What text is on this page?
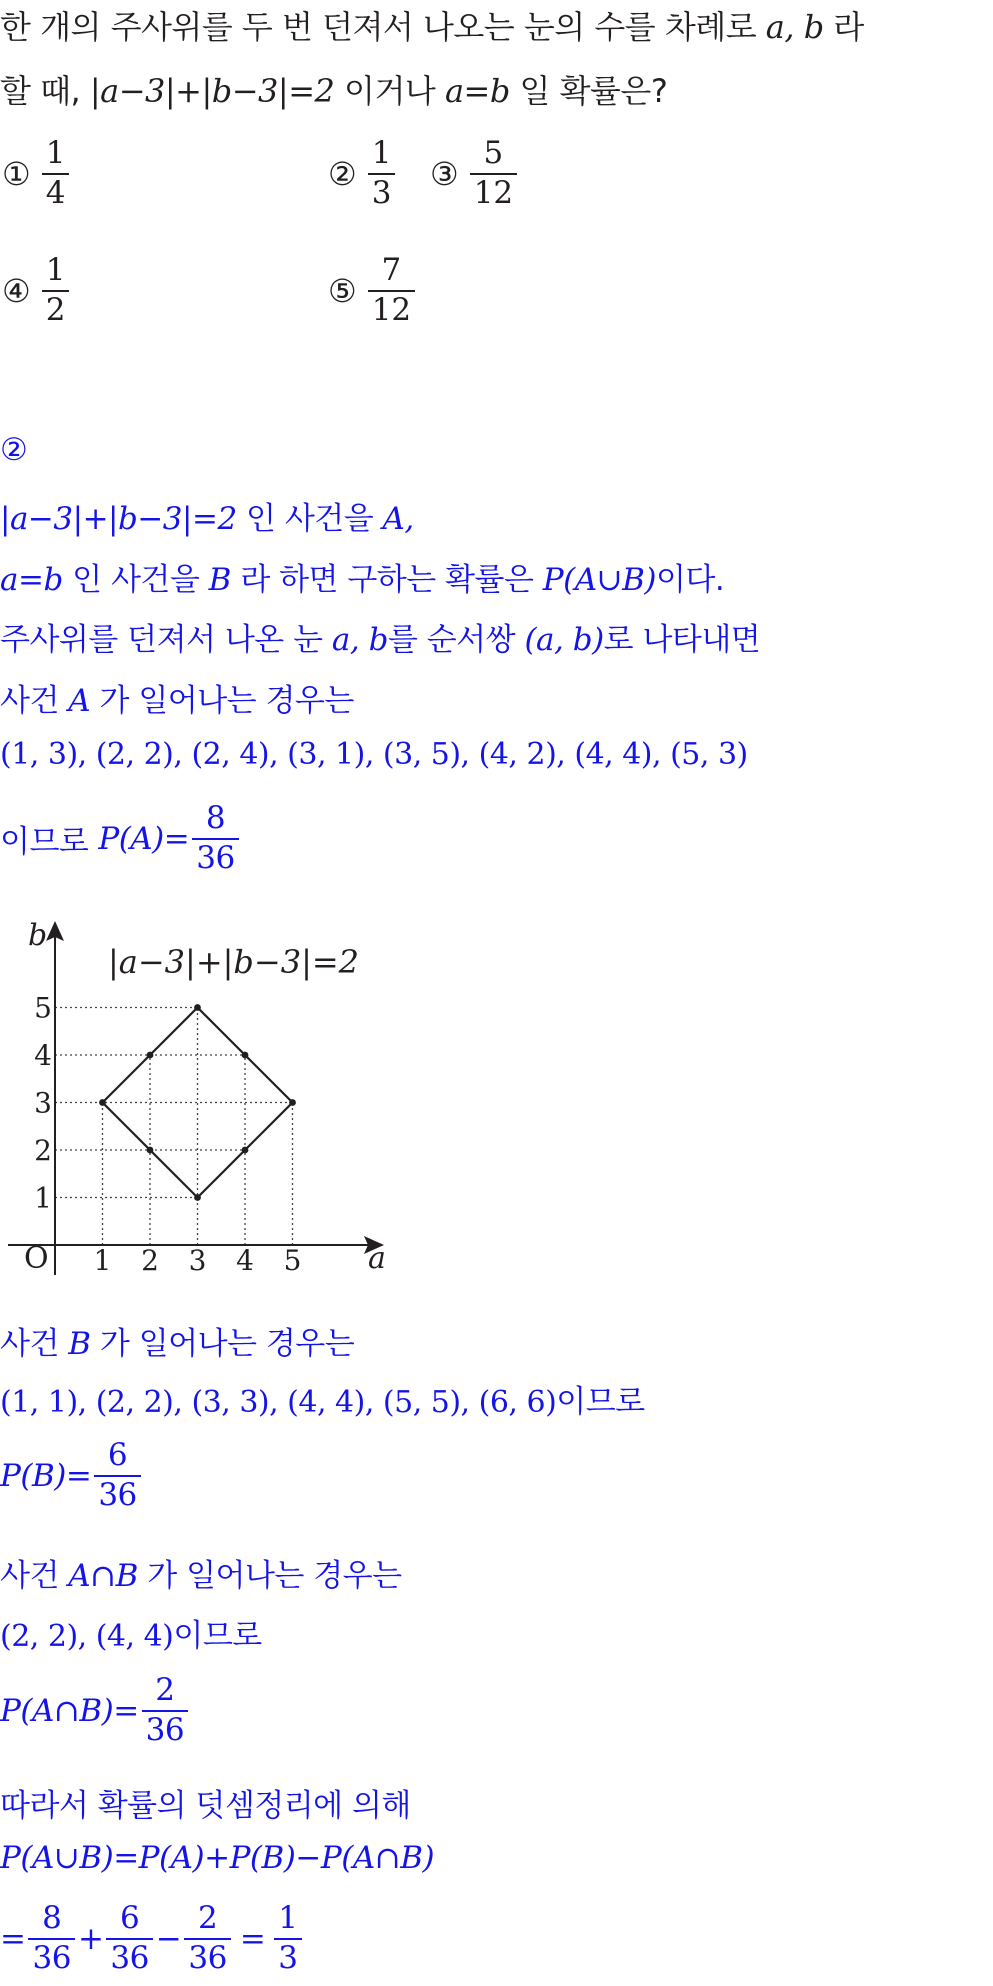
한 개의 주사위를 두 번 던져서 나오는 눈의 수를 차례로 a, b 라
할 때, |a−3|+|b−3|=2 이거나 a=b 일 확률은?
① $\frac{1}{4}$	② $\frac{1}{3}$ ③ $\frac{5}{12}$
④ $\frac{1}{2}$	⑤ $\frac{7}{12}$
②
|a−3|+|b−3|=2 인 사건을 A,
a=b 인 사건을 B 라 하면 구하는 확률은 P(A∪B)이다.
주사위를 던져서 나온 눈 a, b를 순서쌍 (a, b)로 나타내면
사건 A 가 일어나는 경우는
(1, 3), (2, 2), (2, 4), (3, 1), (3, 5), (4, 2), (4, 4), (5, 3)
이므로 $P(A)= \frac{8}{36}$
|a−3|+|b−3|=2
1 2 3 4 5
1
2
3
4
5
b
a
O
사건 B 가 일어나는 경우는
(1, 1), (2, 2), (3, 3), (4, 4), (5, 5), (6, 6)이므로
$P(B)= \frac{6}{36}$
사건 A∩B 가 일어나는 경우는
(2, 2), (4, 4)이므로
P(A∩B)= $\frac{2}{36}$
따라서 확률의 덧셈정리에 의해
P(A∪B)=P(A)+P(B)−P(A∩B)
= $\frac{8}{36} + \frac{6}{36} - \frac{2}{36} = \frac{1}{3}$
